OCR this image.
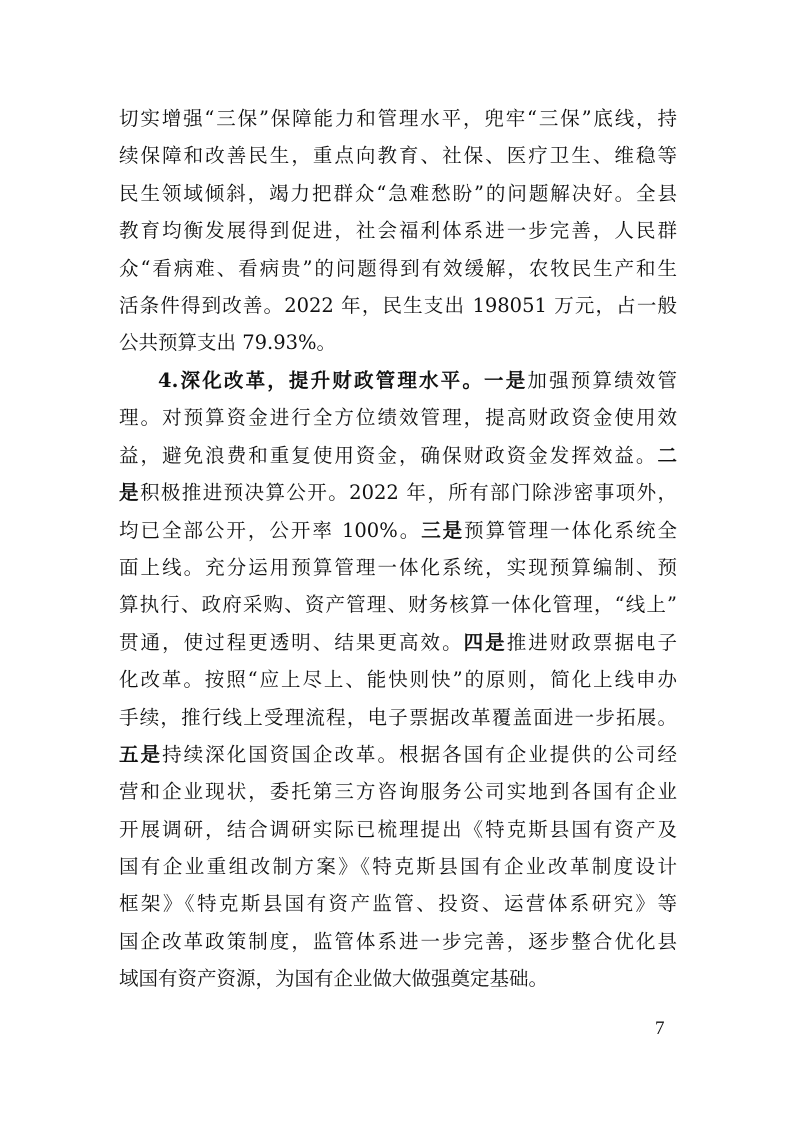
切实增强“三保”保障能力和管理水平，兜牢“三保”底线，持
续保障和改善民生，重点向教育、社保、医疗卫生、维稳等
民生领域倾斜，竭力把群众“急难愁盼”的问题解决好。全县
教育均衡发展得到促进，社会福利体系进一步完善，人民群
众“看病难、看病贵”的问题得到有效缓解，农牧民生产和生
活条件得到改善。2022 年，民生支出 198051 万元，占一般
公共预算支出 79.93%。
4.深化改革，提升财政管理水平。一是加强预算绩效管
理。对预算资金进行全方位绩效管理，提高财政资金使用效
益，避免浪费和重复使用资金，确保财政资金发挥效益。二
是积极推进预决算公开。2022 年，所有部门除涉密事项外，
均已全部公开，公开率 100%。三是预算管理一体化系统全
面上线。充分运用预算管理一体化系统，实现预算编制、预
算执行、政府采购、资产管理、财务核算一体化管理，“线上”
贯通，使过程更透明、结果更高效。四是推进财政票据电子
化改革。按照“应上尽上、能快则快”的原则，简化上线申办
手续，推行线上受理流程，电子票据改革覆盖面进一步拓展。
五是持续深化国资国企改革。根据各国有企业提供的公司经
营和企业现状，委托第三方咨询服务公司实地到各国有企业
开展调研，结合调研实际已梳理提出《特克斯县国有资产及
国有企业重组改制方案》《特克斯县国有企业改革制度设计
框架》《特克斯县国有资产监管、投资、运营体系研究》等
国企改革政策制度，监管体系进一步完善，逐步整合优化县
域国有资产资源，为国有企业做大做强奠定基础。
7
